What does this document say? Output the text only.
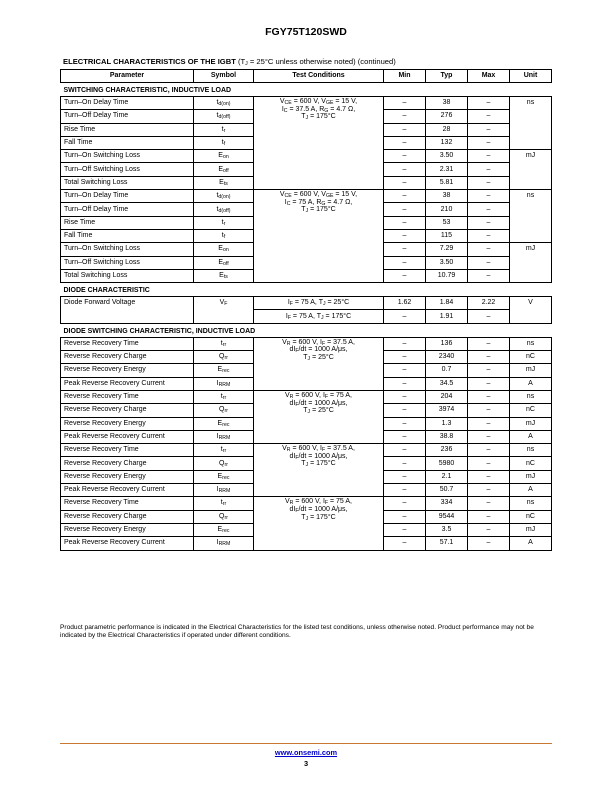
FGY75T120SWD
ELECTRICAL CHARACTERISTICS OF THE IGBT ($T_J = 25^\circ C$ unless otherwise noted) (continued)
Parameter	Symbol	Test Conditions	Min	Typ	Max	Unit
SWITCHING CHARACTERISTIC, INDUCTIVE LOAD						
Turn–On Delay Time	$t_{d(on)}$	$V_{CE} = 600$ V, $V_{GE} = 15$ V,
$I_C = 37.5$ A, $R_G = 4.7$ Ω,
$T_J = 175^\circ C$	–	38	–	ns
Turn–Off Delay Time	$t_{d(off)}$		–	276	–	
Rise Time	$t_r$		–	28	–	
Fall Time	$t_f$		–	132	–	
Turn–On Switching Loss	$E_{on}$		–	3.50	–	mJ
Turn–Off Switching Loss	$E_{off}$		–	2.31	–	
Total Switching Loss	$E_{ts}$		–	5.81	–	
Turn–On Delay Time	$t_{d(on)}$	$V_{CE} = 600$ V, $V_{GE} = 15$ V,
$I_C = 75$ A, $R_G = 4.7$ Ω,
$T_J = 175^\circ C$	–	38	–	ns
Turn–Off Delay Time	$t_{d(off)}$		–	210	–	
Rise Time	$t_r$		–	53	–	
Fall Time	$t_f$		–	115	–	
Turn–On Switching Loss	$E_{on}$		–	7.29	–	mJ
Turn–Off Switching Loss	$E_{off}$		–	3.50	–	
Total Switching Loss	$E_{ts}$		–	10.79	–	
DIODE CHARACTERISTIC						
Diode Forward Voltage	$V_F$	$I_F = 75$ A, $T_J = 25^\circ C$	1.62	1.84	2.22	V
		$I_F = 75$ A, $T_J = 175^\circ C$	–	1.91	–	
DIODE SWITCHING CHARACTERISTIC, INDUCTIVE LOAD						
Reverse Recovery Time	$t_{rr}$	$V_R = 600$ V, $I_F = 37.5$ A,
$dI_F/dt = 1000$ A/μs,
$T_J = 25^\circ C$	–	136	–	ns
Reverse Recovery Charge	$Q_{rr}$		–	2340	–	nC
Reverse Recovery Energy	$E_{rec}$		–	0.7	–	mJ
Peak Reverse Recovery Current	$I_{RRM}$		–	34.5	–	A
Reverse Recovery Time	$t_{rr}$	$V_R = 600$ V, $I_F = 75$ A,
$dI_F/dt = 1000$ A/μs,
$T_J = 25^\circ C$	–	204	–	ns
Reverse Recovery Charge	$Q_{rr}$		–	3974	–	nC
Reverse Recovery Energy	$E_{rec}$		–	1.3	–	mJ
Peak Reverse Recovery Current	$I_{RRM}$		–	38.8	–	A
Reverse Recovery Time	$t_{rr}$	$V_R = 600$ V, $I_F = 37.5$ A,
$dI_F/dt = 1000$ A/μs,
$T_J = 175^\circ C$	–	236	–	ns
Reverse Recovery Charge	$Q_{rr}$		–	5980	–	nC
Reverse Recovery Energy	$E_{rec}$		–	2.1	–	mJ
Peak Reverse Recovery Current	$I_{RRM}$		–	50.7	–	A
Reverse Recovery Time	$t_{rr}$	$V_R = 600$ V, $I_F = 75$ A,
$dI_F/dt = 1000$ A/μs,
$T_J = 175^\circ C$	–	334	–	ns
Reverse Recovery Charge	$Q_{rr}$		–	9544	–	nC
Reverse Recovery Energy	$E_{rec}$		–	3.5	–	mJ
Peak Reverse Recovery Current	$I_{RRM}$		–	57.1	–	A
Product parametric performance is indicated in the Electrical Characteristics for the listed test conditions, unless otherwise noted. Product performance may not be indicated by the Electrical Characteristics if operated under different conditions.
www.onsemi.com
3
